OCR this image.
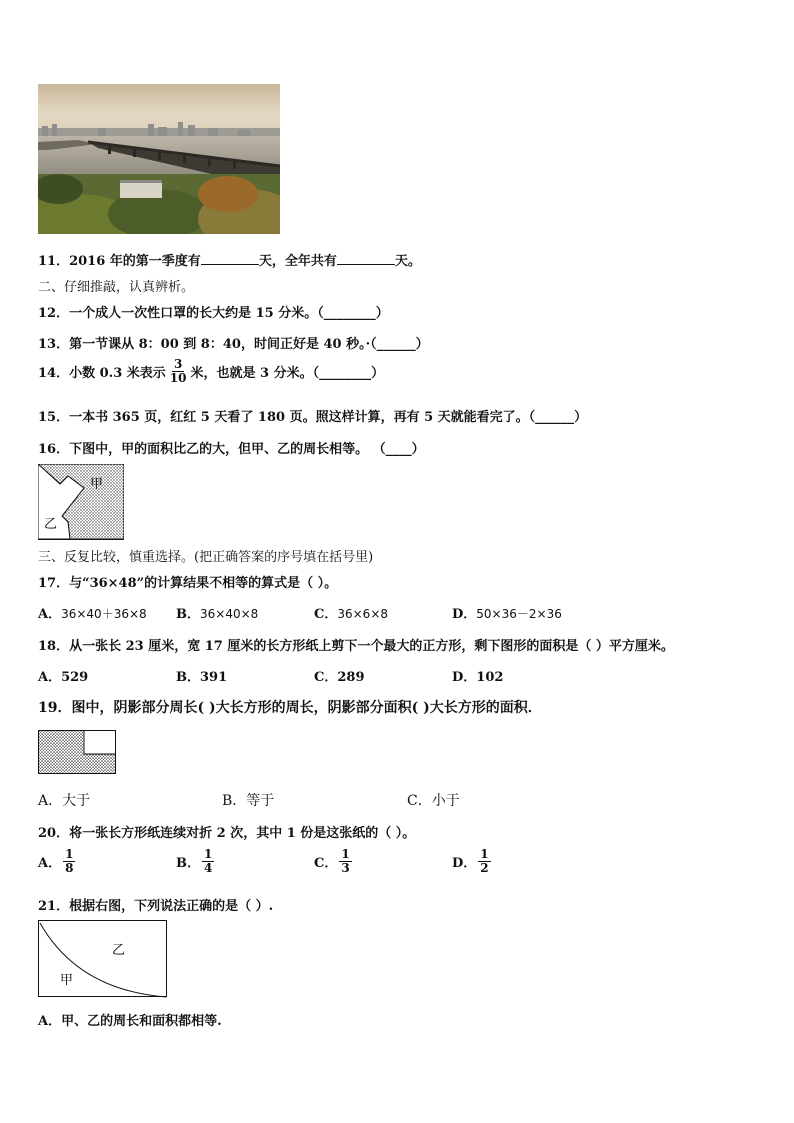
11．2016 年的第一季度有	天，全年共有	天。
二、仔细推敲，认真辨析。
12．一个成人一次性口罩的长大约是 15 分米。（________）
13．第一节课从 8：00 到 8：40，时间正好是 40 秒。·（______）
14．小数 0.3 米表示 $\frac{3}{10}$ 米，也就是 3 分米。（________）
15．一本书 365 页，红红 5 天看了 180 页。照这样计算，再有 5 天就能看完了。（______）
16．下图中，甲的面积比乙的大，但甲、乙的周长相等。 （____）
甲
乙
三、反复比较，慎重选择。(把正确答案的序号填在括号里)
17．与“36×48”的计算结果不相等的算式是（ ）。
A．36×40＋36×8 B．36×40×8	C．36×6×8	D．50×36－2×36
18．从一张长 23 厘米，宽 17 厘米的长方形纸上剪下一个最大的正方形，剩下图形的面积是（ ）平方厘米。
A．529	B．391	C．289	D．102
19．图中，阴影部分周长( )大长方形的周长，阴影部分面积( )大长方形的面积．
A．大于	B．等于	C．小于
20．将一张长方形纸连续对折 2 次，其中 1 份是这张纸的（ ）。
A． $\frac{1}{8}$	B． $\frac{1}{4}$	C． $\frac{1}{3}$	D． $\frac{1}{2}$
21．根据右图，下列说法正确的是（ ）.
乙
甲
A．甲、乙的周长和面积都相等.
